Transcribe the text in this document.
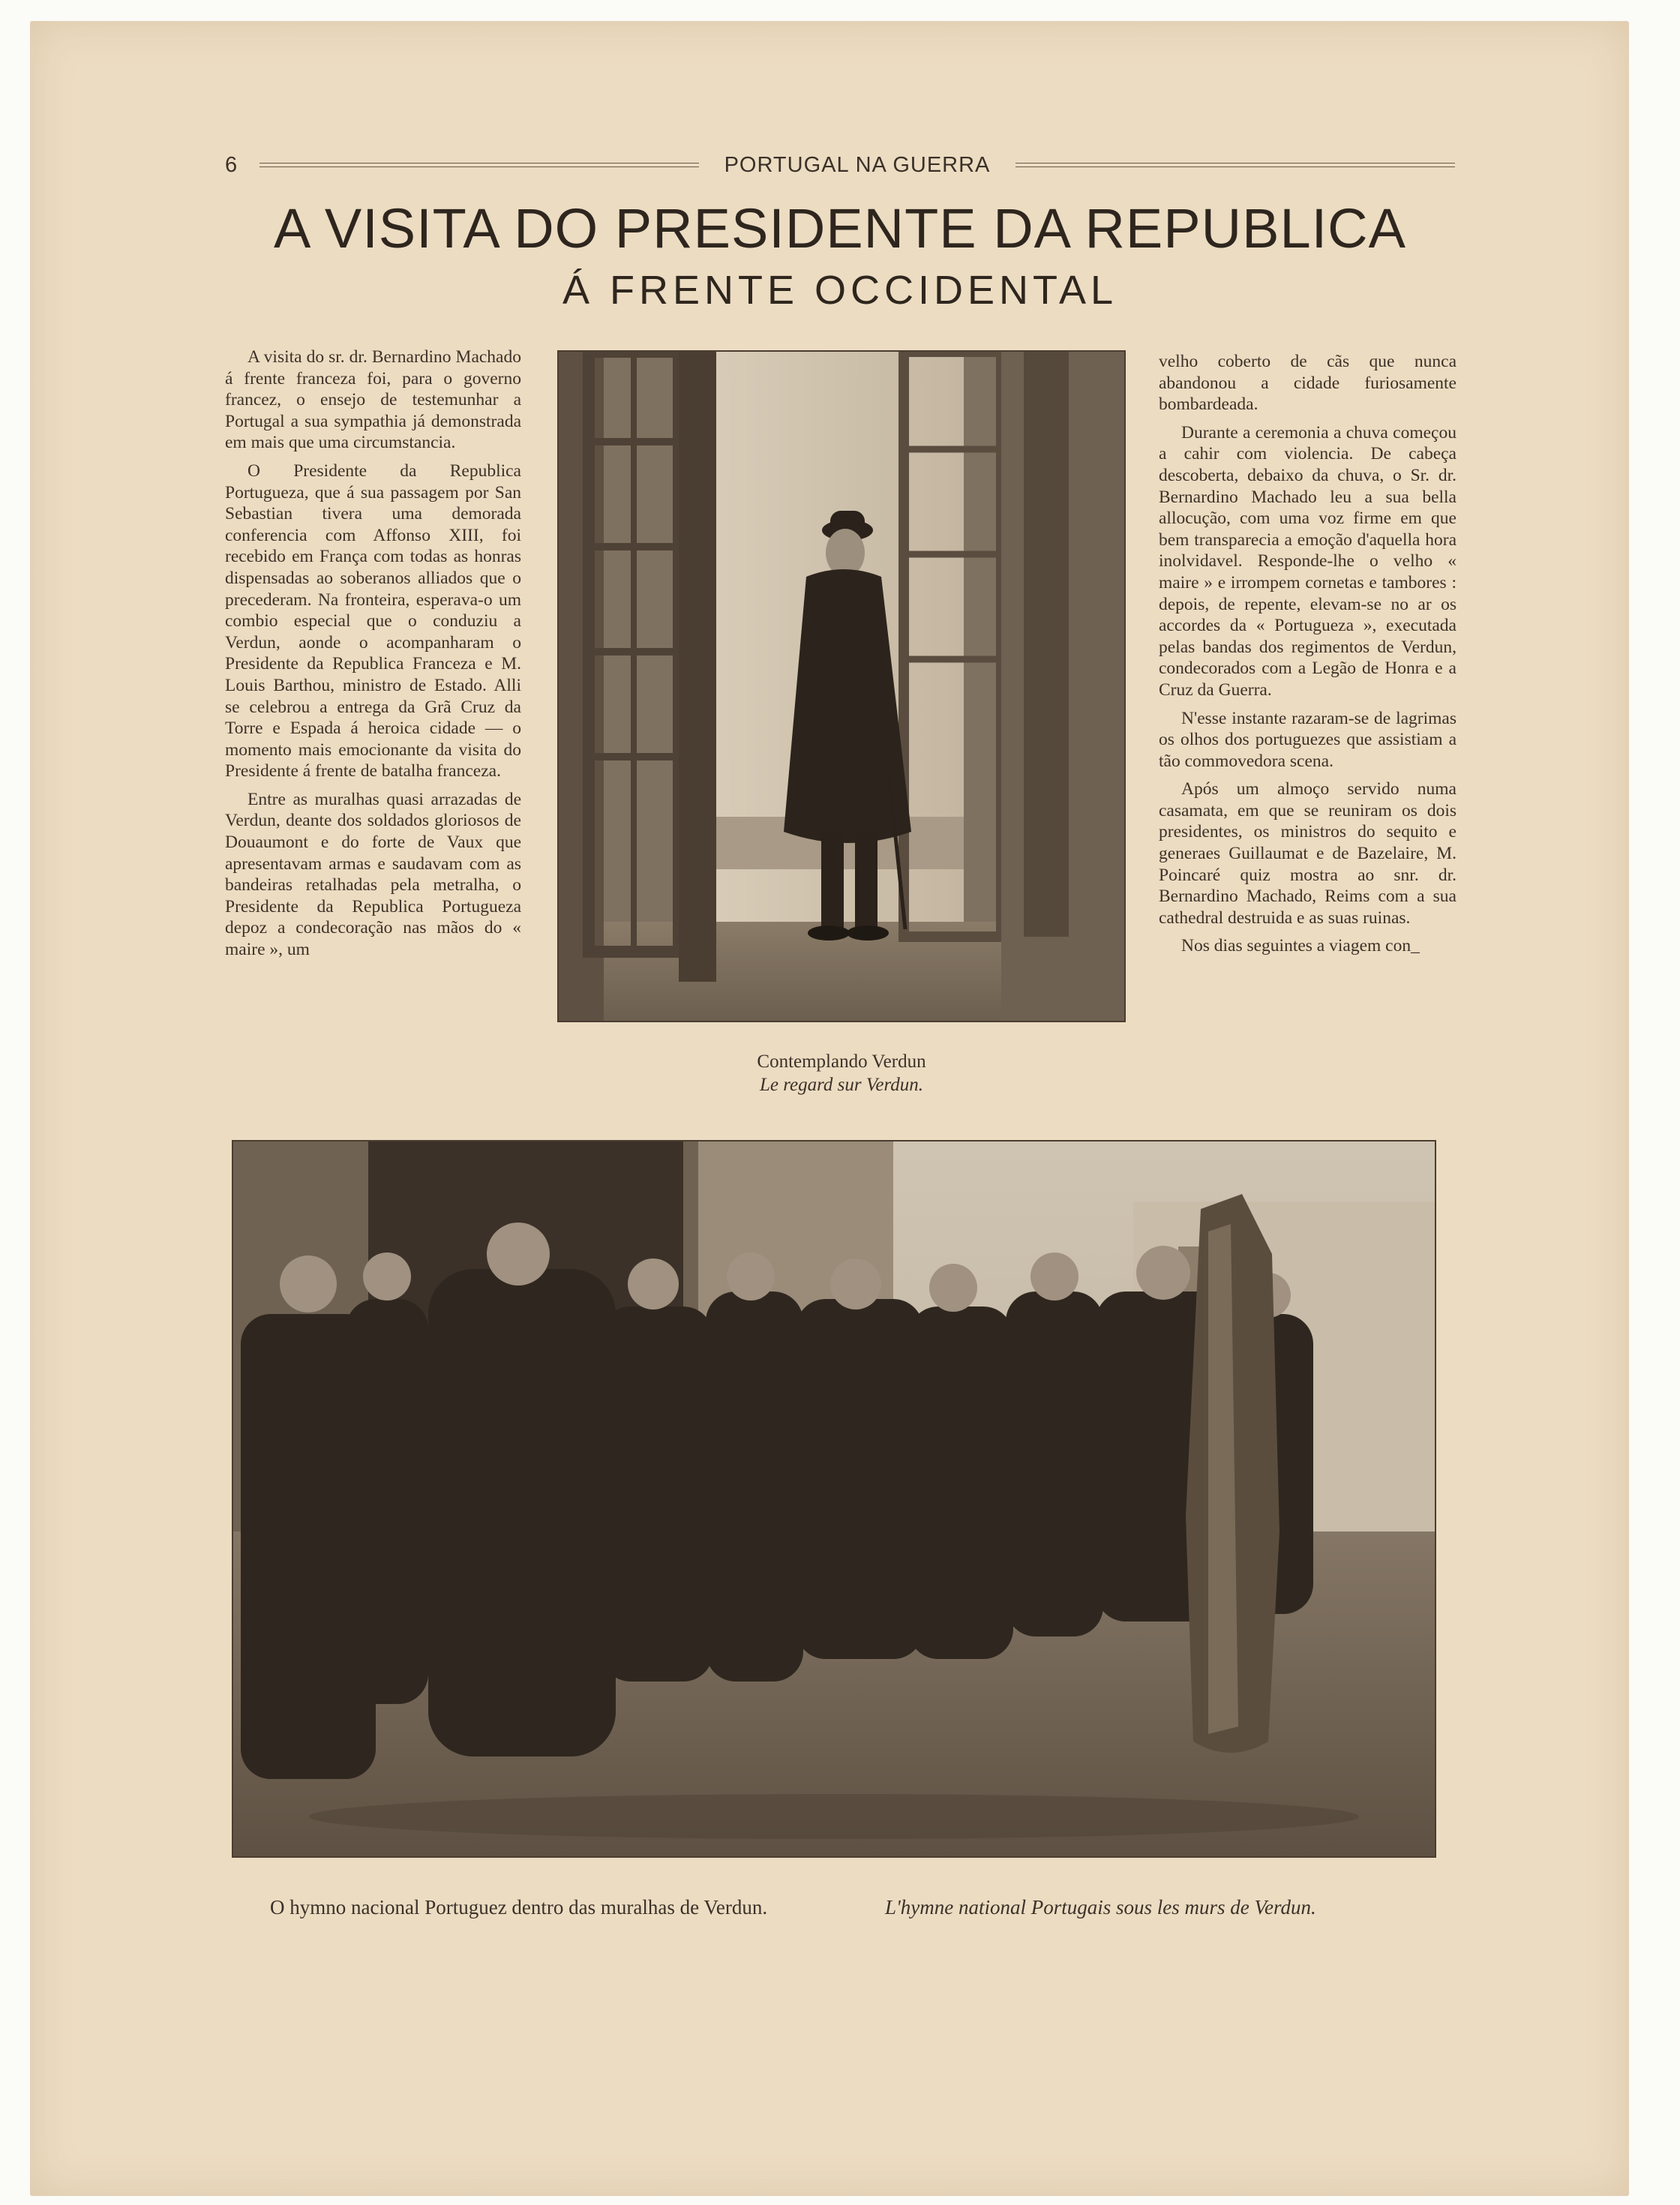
6	PORTUGAL NA GUERRA
A VISITA DO PRESIDENTE DA REPUBLICA
Á FRENTE OCCIDENTAL

A visita do sr. dr. Bernardino Machado á frente franceza foi, para o governo francez, o ensejo de testemunhar a Portugal a sua sympathia já demonstrada em mais que uma circumstancia.

O Presidente da Republica Portugueza, que á sua passagem por San Sebastian tivera uma demorada conferencia com Affonso XIII, foi recebido em França com todas as honras dispensadas ao soberanos alliados que o precederam. Na fronteira, esperava-o um combio especial que o conduziu a Verdun, aonde o acompanharam o Presidente da Republica Franceza e M. Louis Barthou, ministro de Estado. Alli se celebrou a entrega da Grã Cruz da Torre e Espada á heroica cidade — o momento mais emocionante da visita do Presidente á frente de batalha franceza.

Entre as muralhas quasi arrazadas de Verdun, deante dos soldados gloriosos de Douaumont e do forte de Vaux que apresentavam armas e saudavam com as bandeiras retalhadas pela metralha, o Presidente da Republica Portugueza depoz a condecoração nas mãos do « maire », um

Contemplando Verdun
Le regard sur Verdun.

velho coberto de cãs que nunca abandonou a cidade furiosamente bombardeada.

Durante a ceremonia a chuva começou a cahir com violencia. De cabeça descoberta, debaixo da chuva, o Sr. dr. Bernardino Machado leu a sua bella allocução, com uma voz firme em que bem transparecia a emoção d'aquella hora inolvidavel. Responde-lhe o velho « maire » e irrompem cornetas e tambores : depois, de repente, elevam-se no ar os accordes da « Portugueza », executada pelas bandas dos regimentos de Verdun, condecorados com a Legão de Honra e a Cruz da Guerra.

N'esse instante razaram-se de lagrimas os olhos dos portuguezes que assistiam a tão commovedora scena.

Após um almoço servido numa casamata, em que se reuniram os dois presidentes, os ministros do sequito e generaes Guillaumat e de Bazelaire, M. Poincaré quiz mostra ao snr. dr. Bernardino Machado, Reims com a sua cathedral destruida e as suas ruinas.

Nos dias seguintes a viagem con_

O hymno nacional Portuguez dentro das muralhas de Verdun.	L'hymne national Portugais sous les murs de Verdun.
